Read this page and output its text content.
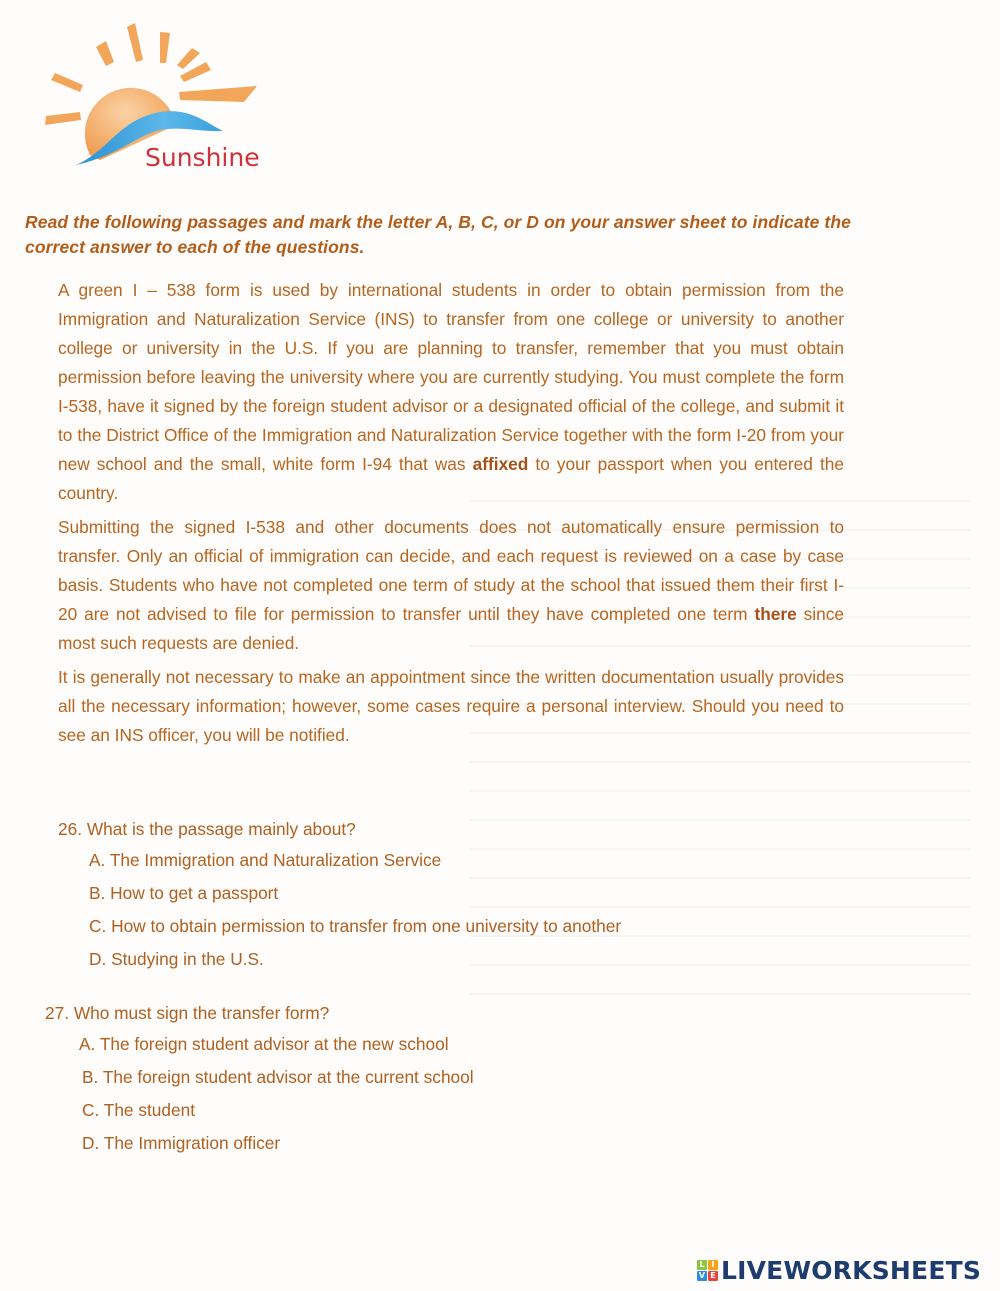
Sunshine
Read the following passages and mark the letter A, B, C, or D on your answer sheet to indicate the correct answer to each of the questions.

A green I – 538 form is used by international students in order to obtain permission from the Immigration and Naturalization Service (INS) to transfer from one college or university to another college or university in the U.S. If you are planning to transfer, remember that you must obtain permission before leaving the university where you are currently studying. You must complete the form I-538, have it signed by the foreign student advisor or a designated official of the college, and submit it to the District Office of the Immigration and Naturalization Service together with the form I-20 from your new school and the small, white form I-94 that was affixed to your passport when you entered the country.

Submitting the signed I-538 and other documents does not automatically ensure permission to transfer. Only an official of immigration can decide, and each request is reviewed on a case by case basis. Students who have not completed one term of study at the school that issued them their first I-20 are not advised to file for permission to transfer until they have completed one term there since most such requests are denied.

It is generally not necessary to make an appointment since the written documentation usually provides all the necessary information; however, some cases require a personal interview. Should you need to see an INS officer, you will be notified.

26. What is the passage mainly about?
A. The Immigration and Naturalization Service
B. How to get a passport
C. How to obtain permission to transfer from one university to another
D. Studying in the U.S.
27. Who must sign the transfer form?
A. The foreign student advisor at the new school
B. The foreign student advisor at the current school
C. The student
D. The Immigration officer
L I
V E LIVEWORKSHEETS
